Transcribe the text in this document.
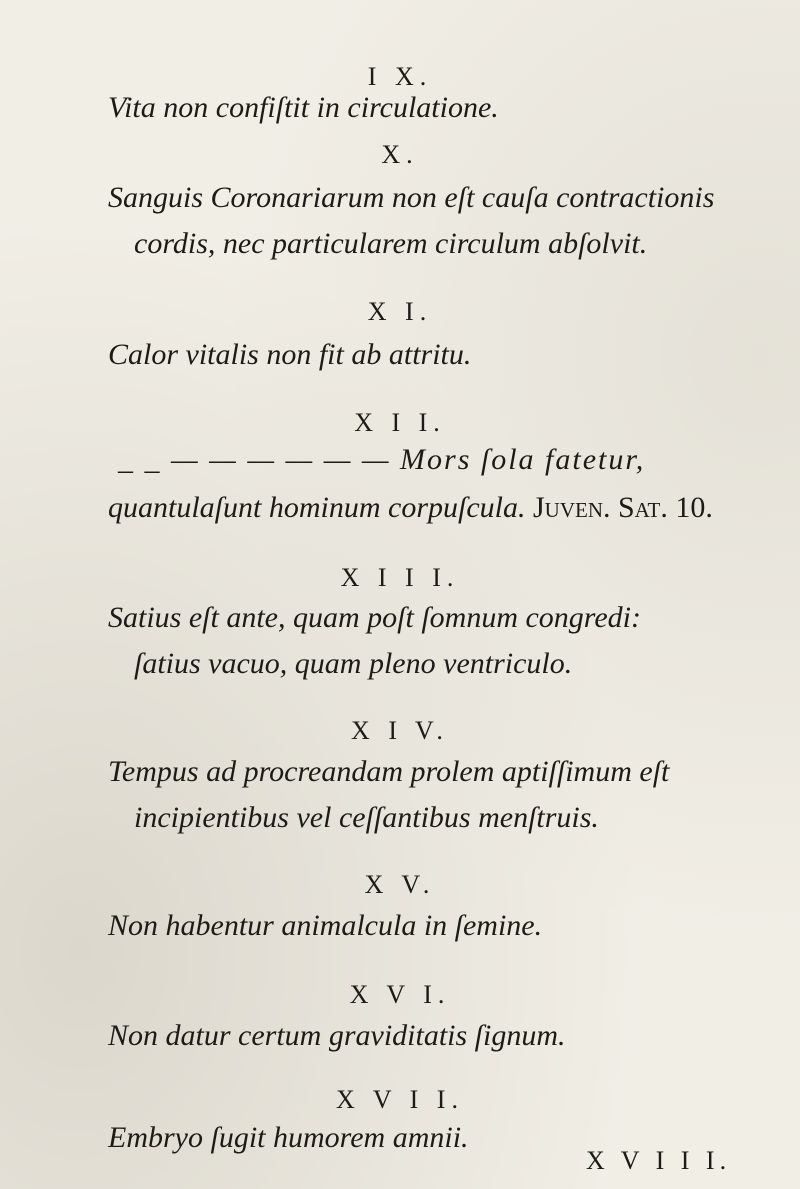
I X.
Vita non confiſtit in circulatione.
X.
Sanguis Coronariarum non eſt cauſa contractionis
cordis, nec particularem circulum abſolvit.
X I.
Calor vitalis non fit ab attritu.
X I I.
_ _ — — — — — — Mors ſola fatetur,
quantulaſunt hominum corpuſcula. Juven. Sat. 10.
X I I I.
Satius eſt ante, quam poſt ſomnum congredi:
ſatius vacuo, quam pleno ventriculo.
X I V.
Tempus ad procreandam prolem aptiſſimum eſt
incipientibus vel ceſſantibus menſtruis.
X V.
Non habentur animalcula in ſemine.
X V I.
Non datur certum graviditatis ſignum.
X V I I.
Embryo ſugit humorem amnii.
X V I I I.
